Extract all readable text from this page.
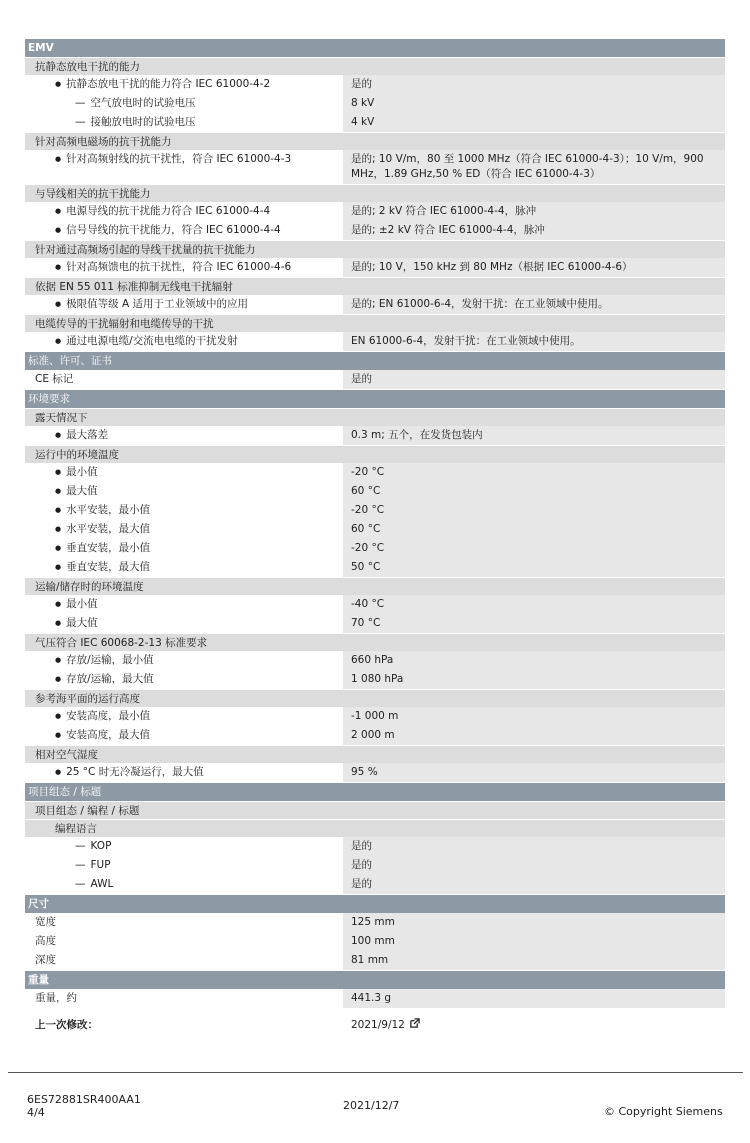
EMV
抗静态放电干扰的能力
● 抗静态放电干扰的能力符合 IEC 61000-4-2	是的
— 空气放电时的试验电压	8 kV
— 接触放电时的试验电压	4 kV
针对高频电磁场的抗干扰能力
● 针对高频射线的抗干扰性，符合 IEC 61000-4-3	是的; 10 V/m，80 至 1000 MHz（符合 IEC 61000-4-3）；10 V/m，900 MHz，1.89 GHz,50 % ED（符合 IEC 61000-4-3）
与导线相关的抗干扰能力
● 电源导线的抗干扰能力符合 IEC 61000-4-4	是的; 2 kV 符合 IEC 61000-4-4，脉冲
● 信号导线的抗干扰能力，符合 IEC 61000-4-4	是的; ±2 kV 符合 IEC 61000-4-4，脉冲
针对通过高频场引起的导线干扰量的抗干扰能力
● 针对高频馈电的抗干扰性，符合 IEC 61000-4-6	是的; 10 V，150 kHz 到 80 MHz（根据 IEC 61000-4-6）
依据 EN 55 011 标准抑制无线电干扰辐射
● 极限值等级 A 适用于工业领域中的应用	是的; EN 61000-6-4，发射干扰：在工业领域中使用。
电缆传导的干扰辐射和电缆传导的干扰
● 通过电源电缆/交流电电缆的干扰发射	EN 61000-6-4，发射干扰：在工业领域中使用。
标准、许可、证书
CE 标记	是的
环境要求
露天情况下
● 最大落差	0.3 m; 五个，在发货包装内
运行中的环境温度
● 最小值	-20 °C
● 最大值	60 °C
● 水平安装，最小值	-20 °C
● 水平安装，最大值	60 °C
● 垂直安装，最小值	-20 °C
● 垂直安装，最大值	50 °C
运输/储存时的环境温度
● 最小值	-40 °C
● 最大值	70 °C
气压符合 IEC 60068-2-13 标准要求
● 存放/运输，最小值	660 hPa
● 存放/运输，最大值	1 080 hPa
参考海平面的运行高度
● 安装高度，最小值	-1 000 m
● 安装高度，最大值	2 000 m
相对空气湿度
● 25 °C 时无冷凝运行，最大值	95 %
项目组态 / 标题
项目组态 / 编程 / 标题
编程语言
— KOP	是的
— FUP	是的
— AWL	是的
尺寸
宽度	125 mm
高度	100 mm
深度	81 mm
重量
重量，约	441.3 g
上一次修改：	2021/9/12
6ES72881SR400AA1
4/4
2021/12/7	© Copyright Siemens
